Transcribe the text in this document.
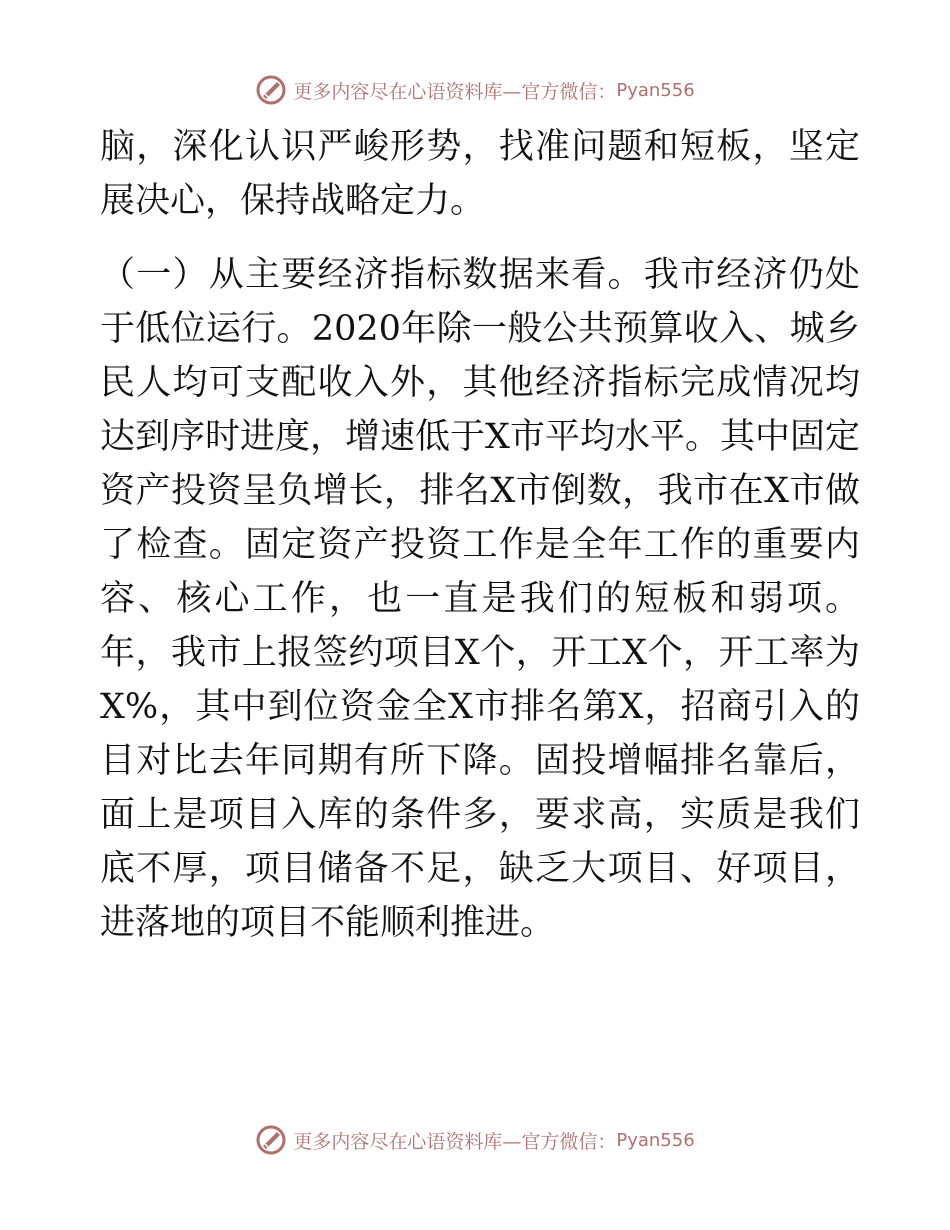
更多内容尽在心语资料库—官方微信： Pyan556
脑，深化认识严峻形势，找准问题和短板，坚定
展决心，保持战略定力。
（一）从主要经济指标数据来看。我市经济仍处
于低位运行。2020年除一般公共预算收入、城乡
民人均可支配收入外，其他经济指标完成情况均
达到序时进度，增速低于X市平均水平。其中固定
资产投资呈负增长，排名X市倒数，我市在X市做
了检查。固定资产投资工作是全年工作的重要内
容、核心工作，也一直是我们的短板和弱项。
年，我市上报签约项目X个，开工X个，开工率为
X%，其中到位资金全X市排名第X，招商引入的
目对比去年同期有所下降。固投增幅排名靠后，
面上是项目入库的条件多，要求高，实质是我们
底不厚，项目储备不足，缺乏大项目、好项目，
进落地的项目不能顺利推进。
更多内容尽在心语资料库—官方微信： Pyan556
